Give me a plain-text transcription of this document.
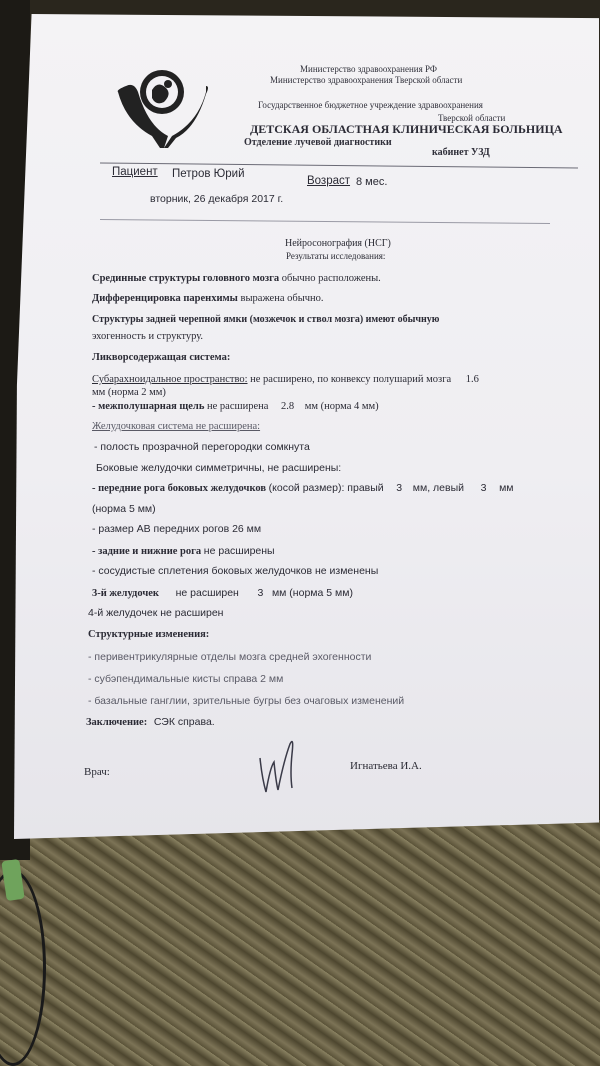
Министерство здравоохранения РФ
Министерство здравоохранения Тверской области
Государственное бюджетное учреждение здравоохранения
Тверской области
ДЕТСКАЯ ОБЛАСТНАЯ КЛИНИЧЕСКАЯ БОЛЬНИЦА
Отделение лучевой диагностики
кабинет УЗД
Пациент Петров Юрий
Возраст 8 мес.
вторник, 26 декабря 2017 г.
Нейросонография (НСГ)
Результаты исследования:
Срединные структуры головного мозга обычно расположены.
Дифференцировка паренхимы выражена обычно.
Структуры задней черепной ямки (мозжечок и ствол мозга) имеют обычную
эхогенность и структуру.
Ликворсодержащая система:
Субарахноидальное пространство: не расширено, по конвексу полушарий мозга 1.6
мм (норма 2 мм)
- межполушарная щель не расширена 2.8 мм (норма 4 мм)
Желудочковая система не расширена:
- полость прозрачной перегородки сомкнута
Боковые желудочки симметричны, не расширены:
- передние рога боковых желудочков (косой размер): правый 3 мм, левый 3 мм
(норма 5 мм)
- размер АВ передних рогов 26 мм
- задние и нижние рога не расширены
- сосудистые сплетения боковых желудочков не изменены
3-й желудочек не расширен 3 мм (норма 5 мм)
4-й желудочек не расширен
Структурные изменения:
- перивентрикулярные отделы мозга средней эхогенности
- субэпендимальные кисты справа 2 мм
- базальные ганглии, зрительные бугры без очаговых изменений
Заключение: СЭК справа.
Врач:	Игнатьева И.А.
